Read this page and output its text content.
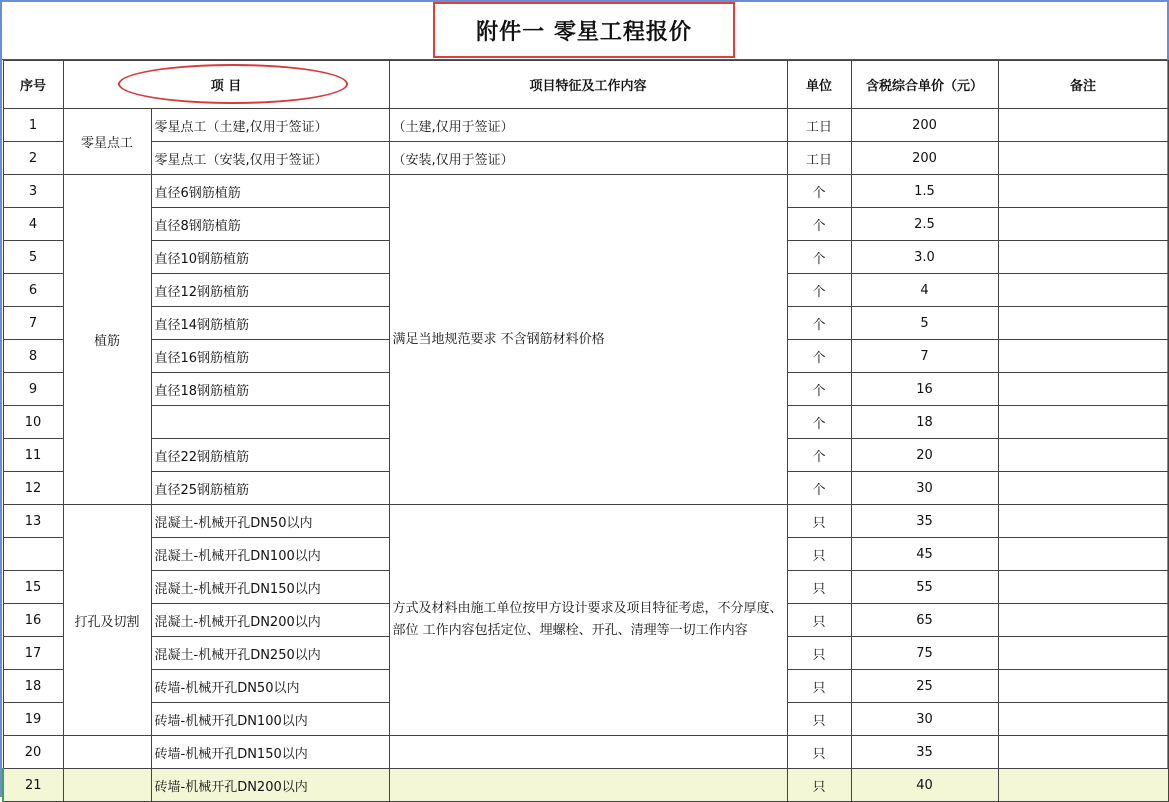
附件一 零星工程报价
序号	项 目		项目特征及工作内容	单位	含税综合单价（元）	备注
1	零星点工	零星点工（土建,仅用于签证）	（土建,仅用于签证）	工日	200	
2		零星点工（安装,仅用于签证）	（安装,仅用于签证）	工日	200	
3	植筋	直径6钢筋植筋	满足当地规范要求 不含钢筋材料价格	个	1.5	
4		直径8钢筋植筋		个	2.5	
5		直径10钢筋植筋		个	3.0	
6		直径12钢筋植筋		个	4	
7		直径14钢筋植筋		个	5	
8		直径16钢筋植筋		个	7	
9		直径18钢筋植筋		个	16	
10				个	18	
11		直径22钢筋植筋		个	20	
12		直径25钢筋植筋		个	30	
13	打孔及切割	混凝土-机械开孔DN50以内	方式及材料由施工单位按甲方设计要求及项目特征考虑，不分厚度、部位 工作内容包括定位、埋螺栓、开孔、清理等一切工作内容	只	35	
		混凝土-机械开孔DN100以内		只	45	
15		混凝土-机械开孔DN150以内		只	55	
16		混凝土-机械开孔DN200以内		只	65	
17		混凝土-机械开孔DN250以内		只	75	
18		砖墙-机械开孔DN50以内		只	25	
19		砖墙-机械开孔DN100以内		只	30	
20		砖墙-机械开孔DN150以内		只	35	
21		砖墙-机械开孔DN200以内		只	40	
